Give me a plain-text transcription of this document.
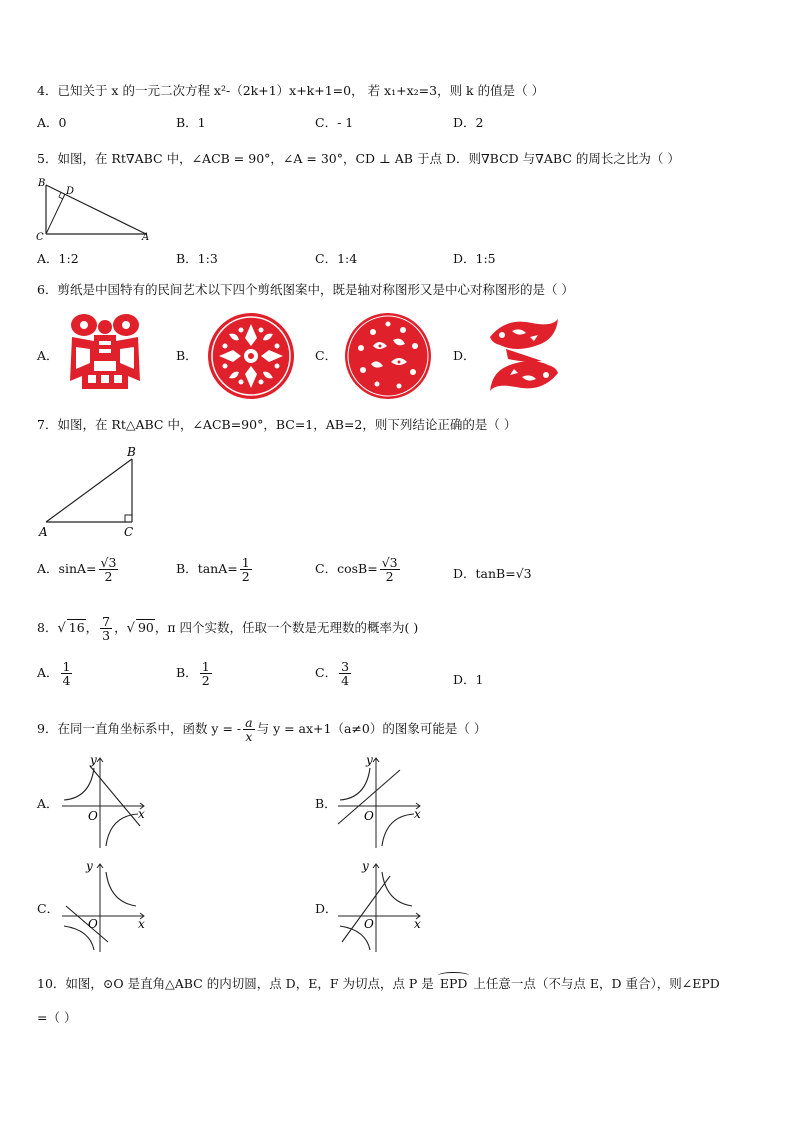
4．已知关于 x 的一元二次方程 x²-（2k+1）x+k+1=0， 若 x₁+x₂=3，则 k 的值是（ ）
A．0	B．1	C．- 1	D．2
5．如图，在 Rt∇ABC 中，∠ACB = 90°，∠A = 30°，CD ⊥ AB 于点 D．则∇BCD 与∇ABC 的周长之比为（ ）
B
D
C	A
A．1:2	B．1:3	C．1:4	D．1:5
6．剪纸是中国特有的民间艺术以下四个剪纸图案中，既是轴对称图形又是中心对称图形的是（ ）
A．	B．	C．	D．
7．如图，在 Rt△ABC 中，∠ACB=90°，BC=1，AB=2，则下列结论正确的是（ ）
B
A	C
A．$\sin A= \frac{√3}{2}$	B．$\tan A= \frac{1}{2}$	C．$\cos B= \frac{√3}{2}$	D．tanB=√3
8．√ 16， $\frac{7}{3}$ ，√ 90，π 四个实数，任取一个数是无理数的概率为( )
A． $\frac{1}{4}$	B． $\frac{1}{2}$	C． $\frac{3}{4}$	D．1
9．在同一直角坐标系中，函数 y = - $\frac{a}{x}$ 与 y = ax+1（a≠0）的图象可能是（ ）
A．	B．
C．	D．
y
x
O
y
x
O
y
x
O
y
x
O
10．如图，⊙O 是直角△ABC 的内切圆，点 D，E，F 为切点，点 P 是 EPD 上任意一点（不与点 E，D 重合），则∠EPD
=（ ）
